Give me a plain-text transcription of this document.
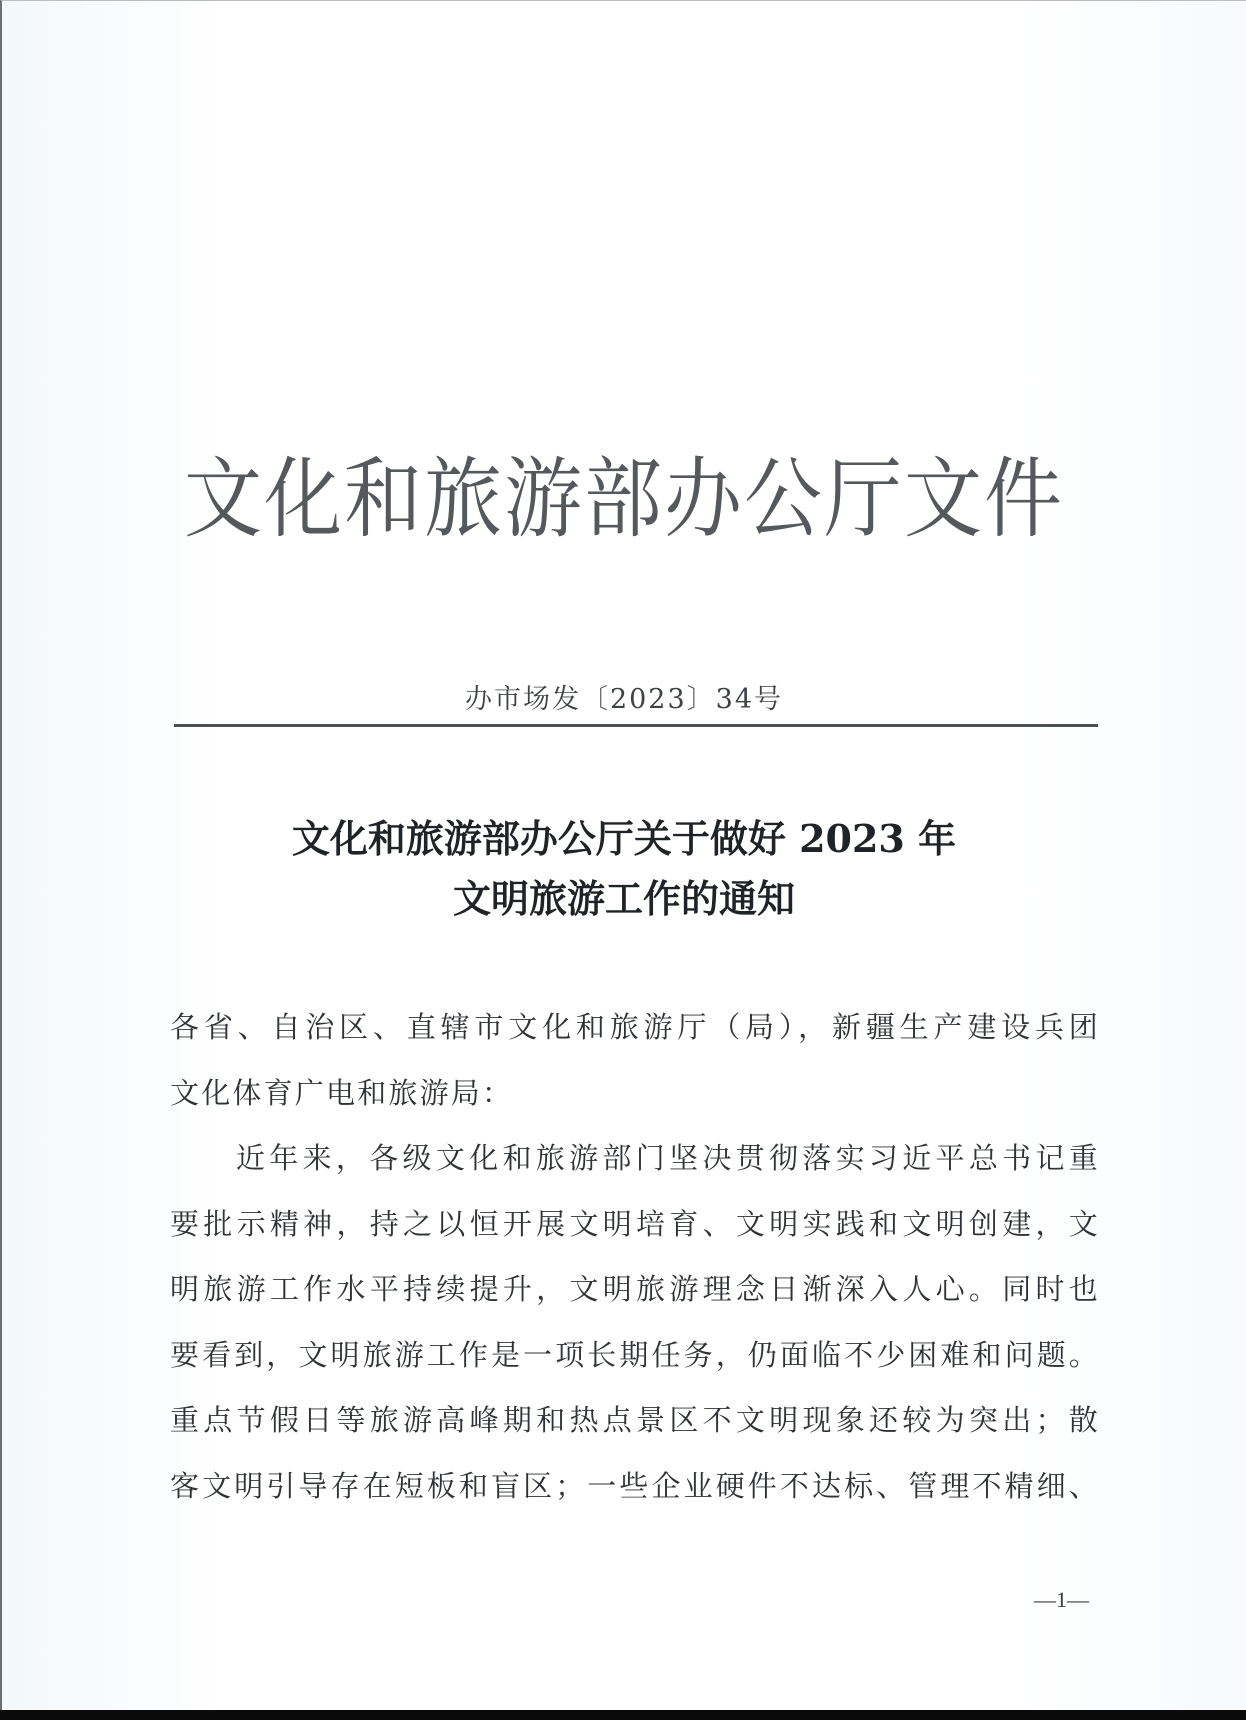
文化和旅游部办公厅文件
办市场发〔2023〕34号
文化和旅游部办公厅关于做好 2023 年
文明旅游工作的通知
各省、自治区、直辖市文化和旅游厅（局），新疆生产建设兵团
文化体育广电和旅游局：
近年来，各级文化和旅游部门坚决贯彻落实习近平总书记重
要批示精神，持之以恒开展文明培育、文明实践和文明创建，文
明旅游工作水平持续提升，文明旅游理念日渐深入人心。同时也
要看到，文明旅游工作是一项长期任务，仍面临不少困难和问题。
重点节假日等旅游高峰期和热点景区不文明现象还较为突出；散
客文明引导存在短板和盲区；一些企业硬件不达标、管理不精细、
—1—
